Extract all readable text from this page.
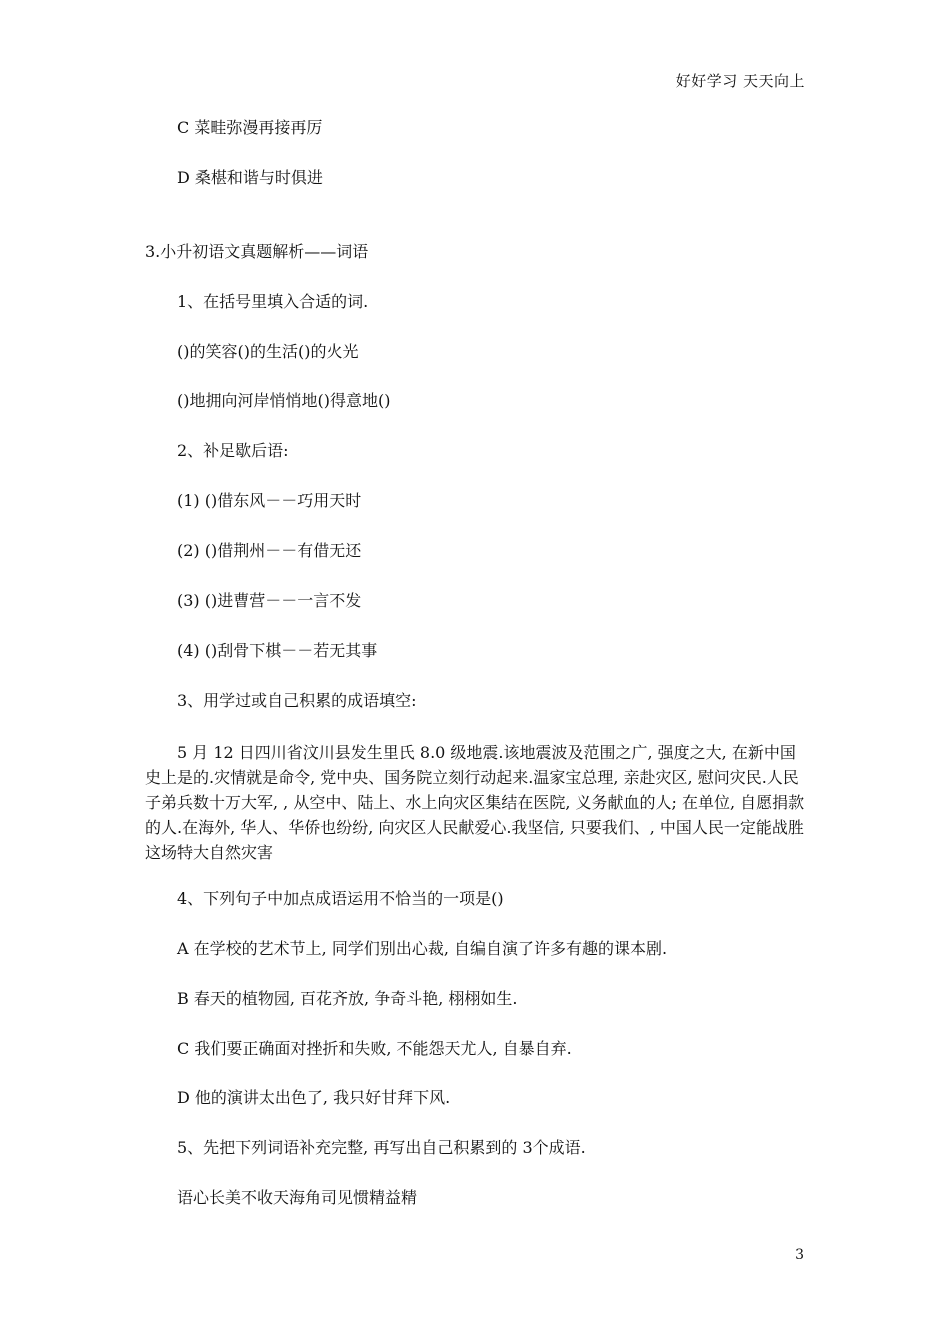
好好学习 天天向上
C 菜畦弥漫再接再厉
D 桑椹和谐与时俱进
3.小升初语文真题解析——词语
1、在括号里填入合适的词.
()的笑容()的生活()的火光
()地拥向河岸悄悄地()得意地()
2、补足歇后语:
(1) ()借东风－－巧用天时
(2) ()借荆州－－有借无还
(3) ()进曹营－－一言不发
(4) ()刮骨下棋－－若无其事
3、用学过或自己积累的成语填空:
5 月 12 日四川省汶川县发生里氏 8.0 级地震.该地震波及范围之广, 强度之大, 在新中国史上是的.灾情就是命令, 党中央、国务院立刻行动起来.温家宝总理, 亲赴灾区, 慰问灾民.人民子弟兵数十万大军, , 从空中、陆上、水上向灾区集结在医院, 义务献血的人; 在单位, 自愿捐款的人.在海外, 华人、华侨也纷纷, 向灾区人民献爱心.我坚信, 只要我们、, 中国人民一定能战胜这场特大自然灾害
4、下列句子中加点成语运用不恰当的一项是()
A 在学校的艺术节上, 同学们别出心裁, 自编自演了许多有趣的课本剧.
B 春天的植物园, 百花齐放, 争奇斗艳, 栩栩如生.
C 我们要正确面对挫折和失败, 不能怨天尤人, 自暴自弃.
D 他的演讲太出色了, 我只好甘拜下风.
5、先把下列词语补充完整, 再写出自己积累到的 3个成语.
语心长美不收天海角司见惯精益精
3
